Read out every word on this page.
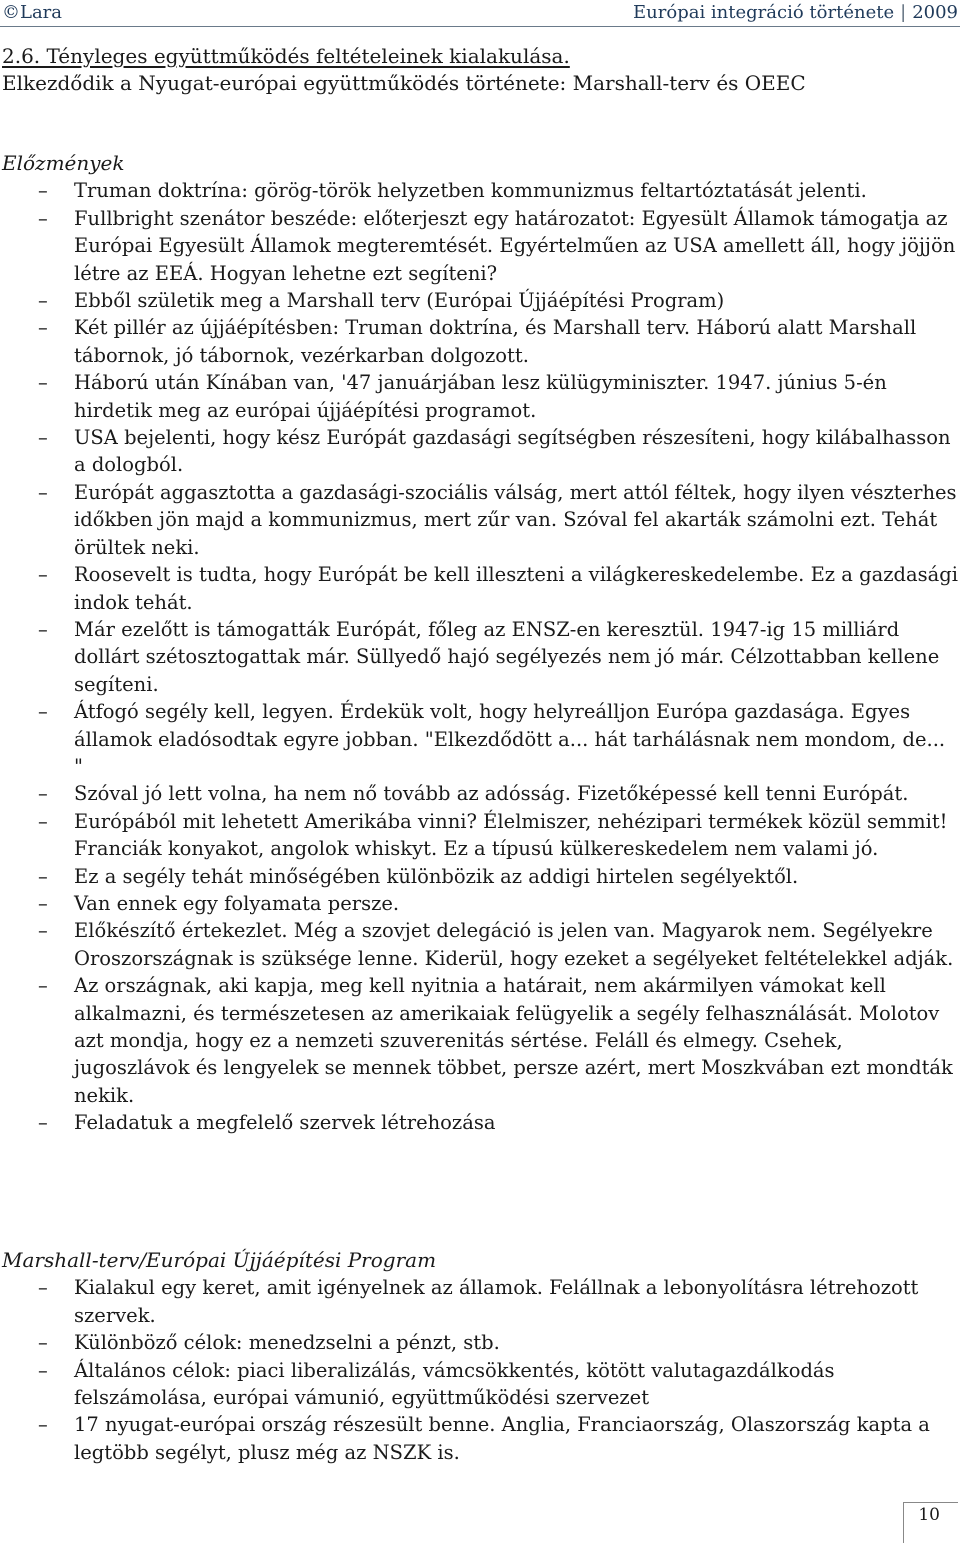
©Lara	Európai integráció története | 2009
2.6. Tényleges együttműködés feltételeinek kialakulása.
Elkezdődik a Nyugat-európai együttműködés története: Marshall-terv és OEEC
Előzmények
–	Truman doktrína: görög-török helyzetben kommunizmus feltartóztatását jelenti.
–	Fullbright szenátor beszéde: előterjeszt egy határozatot: Egyesült Államok támogatja az Európai Egyesült Államok megteremtését. Egyértelműen az USA amellett áll, hogy jöjjön létre az EEÁ. Hogyan lehetne ezt segíteni?
–	Ebből születik meg a Marshall terv (Európai Újjáépítési Program)
–	Két pillér az újjáépítésben: Truman doktrína, és Marshall terv. Háború alatt Marshall tábornok, jó tábornok, vezérkarban dolgozott.
–	Háború után Kínában van, '47 januárjában lesz külügyminiszter. 1947. június 5-én hirdetik meg az európai újjáépítési programot.
–	USA bejelenti, hogy kész Európát gazdasági segítségben részesíteni, hogy kilábalhasson a dologból.
–	Európát aggasztotta a gazdasági-szociális válság, mert attól féltek, hogy ilyen vészterhes időkben jön majd a kommunizmus, mert zűr van. Szóval fel akarták számolni ezt. Tehát örültek neki.
–	Roosevelt is tudta, hogy Európát be kell illeszteni a világkereskedelembe. Ez a gazdasági indok tehát.
–	Már ezelőtt is támogatták Európát, főleg az ENSZ-en keresztül. 1947-ig 15 milliárd dollárt szétosztogattak már. Süllyedő hajó segélyezés nem jó már. Célzottabban kellene segíteni.
–	Átfogó segély kell, legyen. Érdekük volt, hogy helyreálljon Európa gazdasága. Egyes államok eladósodtak egyre jobban. "Elkezdődött a... hát tarhálásnak nem mondom, de... "
–	Szóval jó lett volna, ha nem nő tovább az adósság. Fizetőképessé kell tenni Európát.
–	Európából mit lehetett Amerikába vinni? Élelmiszer, nehézipari termékek közül semmit! Franciák konyakot, angolok whiskyt. Ez a típusú külkereskedelem nem valami jó.
–	Ez a segély tehát minőségében különbözik az addigi hirtelen segélyektől.
–	Van ennek egy folyamata persze.
–	Előkészítő értekezlet. Még a szovjet delegáció is jelen van. Magyarok nem. Segélyekre Oroszországnak is szüksége lenne. Kiderül, hogy ezeket a segélyeket feltételekkel adják.
–	Az országnak, aki kapja, meg kell nyitnia a határait, nem akármilyen vámokat kell alkalmazni, és természetesen az amerikaiak felügyelik a segély felhasználását. Molotov azt mondja, hogy ez a nemzeti szuverenitás sértése. Feláll és elmegy. Csehek, jugoszlávok és lengyelek se mennek többet, persze azért, mert Moszkvában ezt mondták nekik.
–	Feladatuk a megfelelő szervek létrehozása
Marshall-terv/Európai Újjáépítési Program
–	Kialakul egy keret, amit igényelnek az államok. Felállnak a lebonyolításra létrehozott szervek.
–	Különböző célok: menedzselni a pénzt, stb.
–	Általános célok: piaci liberalizálás, vámcsökkentés, kötött valutagazdálkodás felszámolása, európai vámunió, együttműködési szervezet
–	17 nyugat-európai ország részesült benne. Anglia, Franciaország, Olaszország kapta a legtöbb segélyt, plusz még az NSZK is.
10
